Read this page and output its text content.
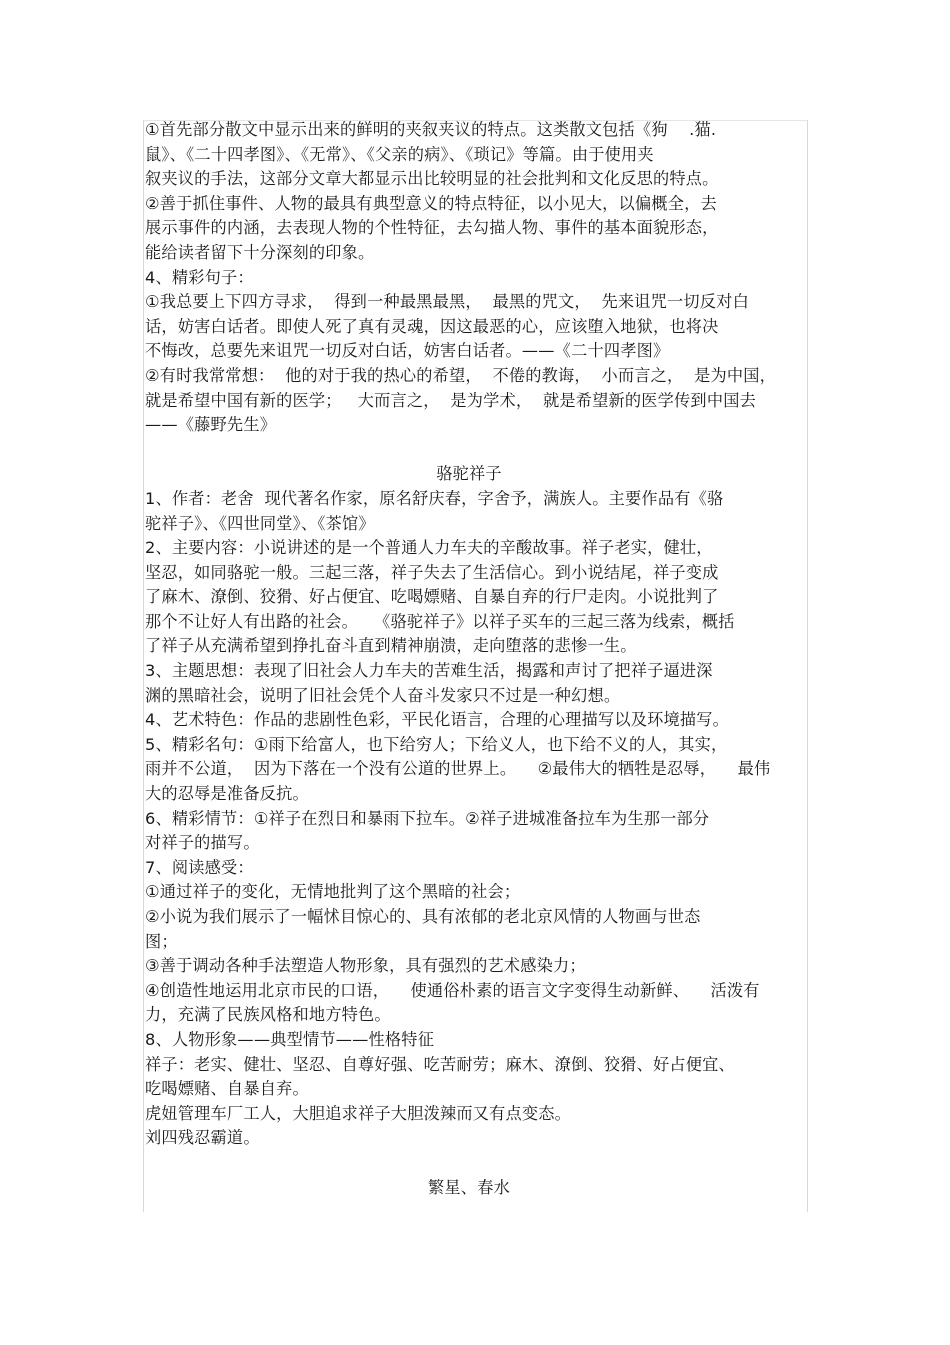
①首先部分散文中显示出来的鲜明的夹叙夹议的特点。这类散文包括《狗    .猫.
鼠》、《二十四孝图》、《无常》、《父亲的病》、《琐记》等篇。由于使用夹
叙夹议的手法，这部分文章大都显示出比较明显的社会批判和文化反思的特点。
②善于抓住事件、人物的最具有典型意义的特点特征，以小见大，以偏概全，去
展示事件的内涵，去表现人物的个性特征，去勾描人物、事件的基本面貌形态，
能给读者留下十分深刻的印象。
4、精彩句子：
①我总要上下四方寻求，  得到一种最黑最黑，  最黑的咒文，  先来诅咒一切反对白
话，妨害白话者。即使人死了真有灵魂，因这最恶的心，应该堕入地狱，也将决
不悔改，总要先来诅咒一切反对白话，妨害白话者。——《二十四孝图》
②有时我常常想：  他的对于我的热心的希望，  不倦的教诲，  小而言之，  是为中国，
就是希望中国有新的医学；   大而言之，  是为学术，  就是希望新的医学传到中国去
——《藤野先生》
骆驼祥子
1、作者：老舍  现代著名作家，原名舒庆春，字舍予，满族人。主要作品有《骆
驼祥子》、《四世同堂》、《茶馆》
2、主要内容：小说讲述的是一个普通人力车夫的辛酸故事。祥子老实，健壮，
坚忍，如同骆驼一般。三起三落，祥子失去了生活信心。到小说结尾，祥子变成
了麻木、潦倒、狡猾、好占便宜、吃喝嫖赌、自暴自弃的行尸走肉。小说批判了
那个不让好人有出路的社会。   《骆驼祥子》以祥子买车的三起三落为线索，概括
了祥子从充满希望到挣扎奋斗直到精神崩溃，走向堕落的悲惨一生。
3、主题思想：表现了旧社会人力车夫的苦难生活，揭露和声讨了把祥子逼进深
渊的黑暗社会，说明了旧社会凭个人奋斗发家只不过是一种幻想。
4、艺术特色：作品的悲剧性色彩，平民化语言，合理的心理描写以及环境描写。
5、精彩名句：①雨下给富人，也下给穷人；下给义人，也下给不义的人，其实，
雨并不公道，  因为下落在一个没有公道的世界上。    ②最伟大的牺牲是忍辱，    最伟
大的忍辱是准备反抗。
6、精彩情节：①祥子在烈日和暴雨下拉车。②祥子进城准备拉车为生那一部分
对祥子的描写。
7、阅读感受：
①通过祥子的变化，无情地批判了这个黑暗的社会；
②小说为我们展示了一幅怵目惊心的、具有浓郁的老北京风情的人物画与世态
图；
③善于调动各种手法塑造人物形象，具有强烈的艺术感染力；
④创造性地运用北京市民的口语，    使通俗朴素的语言文字变得生动新鲜、    活泼有
力，充满了民族风格和地方特色。
8、人物形象——典型情节——性格特征
祥子：老实、健壮、坚忍、自尊好强、吃苦耐劳；麻木、潦倒、狡猾、好占便宜、
吃喝嫖赌、自暴自弃。
虎妞管理车厂工人，大胆追求祥子大胆泼辣而又有点变态。
刘四残忍霸道。
繁星、春水
